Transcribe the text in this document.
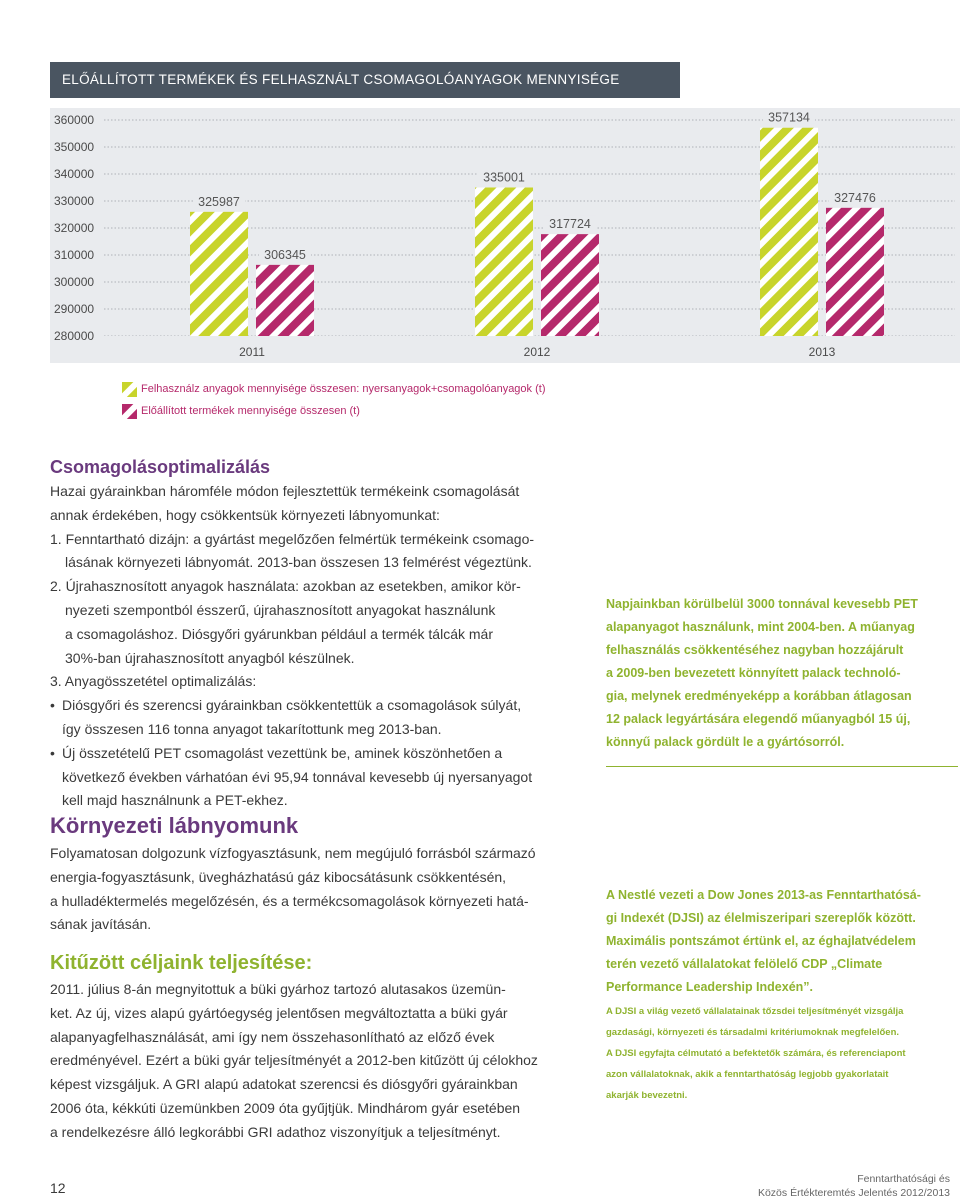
ELŐÁLLÍTOTT TERMÉKEK ÉS FELHASZNÁLT CSOMAGOLÓANYAGOK MENNYISÉGE
360000
350000
340000
330000
320000
310000
300000
290000
280000
2011
325987
306345
2012
335001
317724
2013
357134
327476
Felhasználz anyagok mennyisége összesen: nyersanyagok+csomagolóanyagok (t)
Előállított termékek mennyisége összesen (t)
Csomagolásoptimalizálás

Hazai gyárainkban háromféle módon fejlesztettük termékeink csomagolását

annak érdekében, hogy csökkentsük környezeti lábnyomunkat:

1. Fenntartható dizájn: a gyártást megelőzően felmértük termékeink csomago-

lásának környezeti lábnyomát. 2013-ban összesen 13 felmérést végeztünk.

2. Újrahasznosított anyagok használata: azokban az esetekben, amikor kör-

nyezeti szempontból ésszerű, újrahasznosított anyagokat használunk

a csomagoláshoz. Diósgyőri gyárunkban például a termék tálcák már

30%-ban újrahasznosított anyagból készülnek.

3. Anyagösszetétel optimalizálás:

• Diósgyőri és szerencsi gyárainkban csökkentettük a csomagolások súlyát,

így összesen 116 tonna anyagot takarítottunk meg 2013-ban.

• Új összetételű PET csomagolást vezettünk be, aminek köszönhetően a

következő években várhatóan évi 95,94 tonnával kevesebb új nyersanyagot

kell majd használnunk a PET-ekhez.

Környezeti lábnyomunk

Folyamatosan dolgozunk vízfogyasztásunk, nem megújuló forrásból származó

energia-fogyasztásunk, üvegházhatású gáz kibocsátásunk csökkentésén,

a hulladéktermelés megelőzésén, és a termékcsomagolások környezeti hatá-

sának javításán.

Kitűzött céljaink teljesítése:

2011. július 8-án megnyitottuk a büki gyárhoz tartozó alutasakos üzemün-

ket. Az új, vizes alapú gyártóegység jelentősen megváltoztatta a büki gyár

alapanyagfelhasználását, ami így nem összehasonlítható az előző évek

eredményével. Ezért a büki gyár teljesítményét a 2012-ben kitűzött új célokhoz

képest vizsgáljuk. A GRI alapú adatokat szerencsi és diósgyőri gyárainkban

2006 óta, kékkúti üzemünkben 2009 óta gyűjtjük. Mindhárom gyár esetében

a rendelkezésre álló legkorábbi GRI adathoz viszonyítjuk a teljesítményt.

Napjainkban körülbelül 3000 tonnával kevesebb PET

alapanyagot használunk, mint 2004-ben. A műanyag

felhasználás csökkentéséhez nagyban hozzájárult

a 2009-ben bevezetett könnyített palack technoló-

gia, melynek eredményeképp a korábban átlagosan

12 palack legyártására elegendő műanyagból 15 új,

könnyű palack gördült le a gyártósorról.

A Nestlé vezeti a Dow Jones 2013-as Fenntarthatósá-

gi Indexét (DJSI) az élelmiszeripari szereplők között.

Maximális pontszámot értünk el, az éghajlatvédelem

terén vezető vállalatokat felölelő CDP „Climate

Performance Leadership Indexén”.

A DJSI a világ vezető vállalatainak tőzsdei teljesítményét vizsgálja

gazdasági, környezeti és társadalmi kritériumoknak megfelelően.

A DJSI egyfajta célmutató a befektetők számára, és referenciapont

azon vállalatoknak, akik a fenntarthatóság legjobb gyakorlatait

akarják bevezetni.

12
Fenntarthatósági és
Közös Értékteremtés Jelentés 2012/2013
